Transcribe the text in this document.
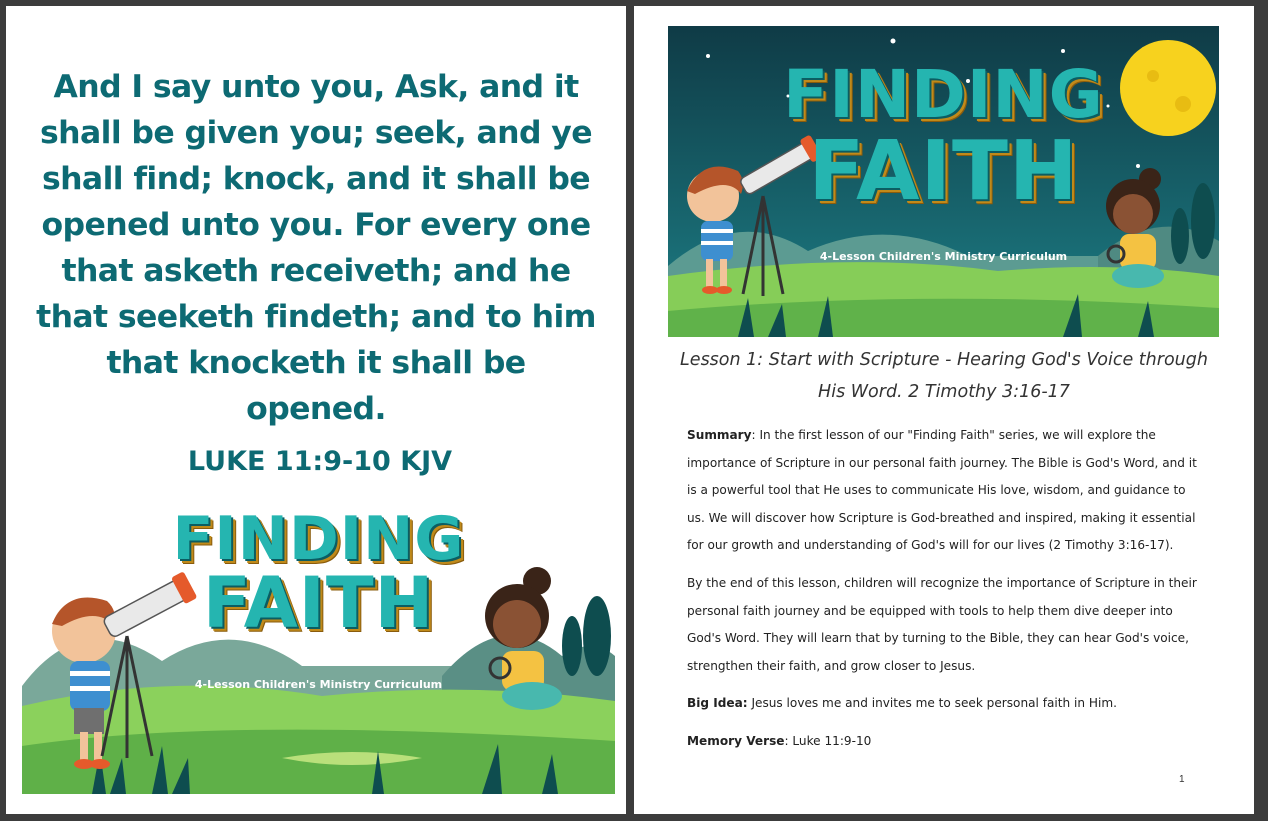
And I say unto you, Ask, and it shall be given you; seek, and ye shall find; knock, and it shall be opened unto you. For every one that asketh receiveth; and he that seeketh findeth; and to him that knocketh it shall be opened.
LUKE 11:9-10 KJV
FINDING
FAITH
4-Lesson Children's Ministry Curriculum
FINDING
FAITH
4-Lesson Children's Ministry Curriculum
Lesson 1: Start with Scripture - Hearing God's Voice through His Word. 2 Timothy 3:16-17

Summary: In the first lesson of our "Finding Faith" series, we will explore the importance of Scripture in our personal faith journey. The Bible is God's Word, and it is a powerful tool that He uses to communicate His love, wisdom, and guidance to us. We will discover how Scripture is God-breathed and inspired, making it essential for our growth and understanding of God's will for our lives (2 Timothy 3:16-17).

By the end of this lesson, children will recognize the importance of Scripture in their personal faith journey and be equipped with tools to help them dive deeper into God's Word. They will learn that by turning to the Bible, they can hear God's voice, strengthen their faith, and grow closer to Jesus.

Big Idea: Jesus loves me and invites me to seek personal faith in Him.

Memory Verse: Luke 11:9-10

1
